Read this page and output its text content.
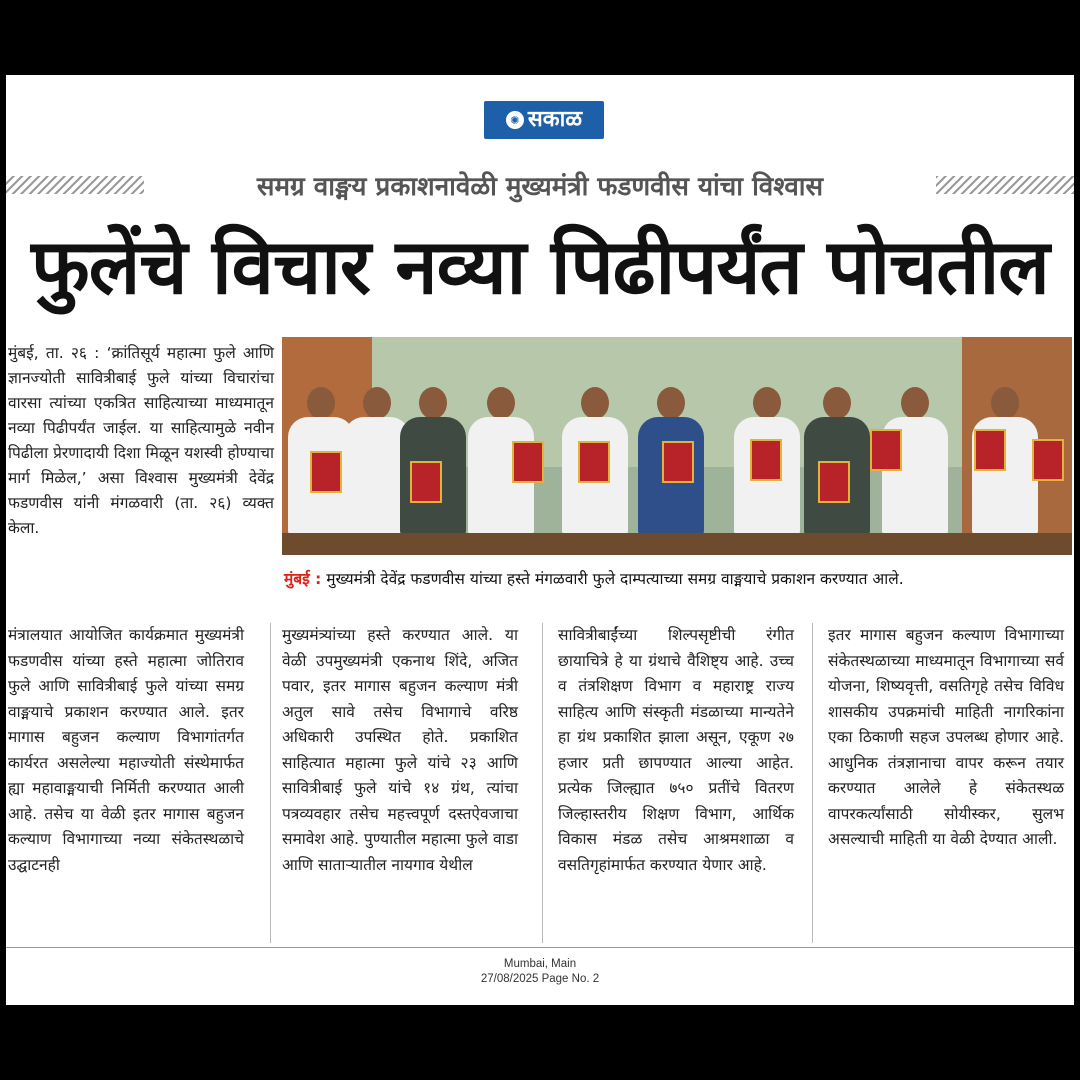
✺ सकाळ
समग्र वाङ्मय प्रकाशनावेळी मुख्यमंत्री फडणवीस यांचा विश्वास
फुलेंचे विचार नव्या पिढीपर्यंत पोचतील
मुंबई, ता. २६ : ‘क्रांतिसूर्य महात्मा फुले आणि ज्ञानज्योती सावित्रीबाई फुले यांच्या विचारांचा वारसा त्यांच्या एकत्रित साहित्याच्या माध्यमातून नव्या पिढीपर्यंत जाईल. या साहित्यामुळे नवीन पिढीला प्रेरणादायी दिशा मिळून यशस्वी होण्याचा मार्ग मिळेल,’ असा विश्वास मुख्यमंत्री देवेंद्र फडणवीस यांनी मंगळवारी (ता. २६) व्यक्त केला.
मुंबई : मुख्यमंत्री देवेंद्र फडणवीस यांच्या हस्ते मंगळवारी फुले दाम्पत्याच्या समग्र वाङ्मयाचे प्रकाशन करण्यात आले.
मंत्रालयात आयोजित कार्यक्रमात मुख्यमंत्री फडणवीस यांच्या हस्ते महात्मा जोतिराव फुले आणि सावित्रीबाई फुले यांच्या समग्र वाङ्मयाचे प्रकाशन करण्यात आले. इतर मागास बहुजन कल्याण विभागांतर्गत कार्यरत असलेल्या महाज्योती संस्थेमार्फत ह्या महावाङ्मयाची निर्मिती करण्यात आली आहे. तसेच या वेळी इतर मागास बहुजन कल्याण विभागाच्या नव्या संकेतस्थळाचे उद्घाटनही
मुख्यमंत्र्यांच्या हस्ते करण्यात आले. या वेळी उपमुख्यमंत्री एकनाथ शिंदे, अजित पवार, इतर मागास बहुजन कल्याण मंत्री अतुल सावे तसेच विभागाचे वरिष्ठ अधिकारी उपस्थित होते. प्रकाशित साहित्यात महात्मा फुले यांचे २३ आणि सावित्रीबाई फुले यांचे १४ ग्रंथ, त्यांचा पत्रव्यवहार तसेच महत्त्वपूर्ण दस्तऐवजाचा समावेश आहे. पुण्यातील महात्मा फुले वाडा आणि साताऱ्यातील नायगाव येथील
सावित्रीबाईंच्या शिल्पसृष्टीची रंगीत छायाचित्रे हे या ग्रंथाचे वैशिष्ट्य आहे. उच्च व तंत्रशिक्षण विभाग व महाराष्ट्र राज्य साहित्य आणि संस्कृती मंडळाच्या मान्यतेने हा ग्रंथ प्रकाशित झाला असून, एकूण २७ हजार प्रती छापण्यात आल्या आहेत. प्रत्येक जिल्ह्यात ७५० प्रतींचे वितरण जिल्हास्तरीय शिक्षण विभाग, आर्थिक विकास मंडळ तसेच आश्रमशाळा व वसतिगृहांमार्फत करण्यात येणार आहे.
इतर मागास बहुजन कल्याण विभागाच्या संकेतस्थळाच्या माध्यमातून विभागाच्या सर्व योजना, शिष्यवृत्ती, वसतिगृहे तसेच विविध शासकीय उपक्रमांची माहिती नागरिकांना एका ठिकाणी सहज उपलब्ध होणार आहे. आधुनिक तंत्रज्ञानाचा वापर करून तयार करण्यात आलेले हे संकेतस्थळ वापरकर्त्यांसाठी सोयीस्कर, सुलभ असल्याची माहिती या वेळी देण्यात आली.
Mumbai, Main
27/08/2025 Page No. 2
